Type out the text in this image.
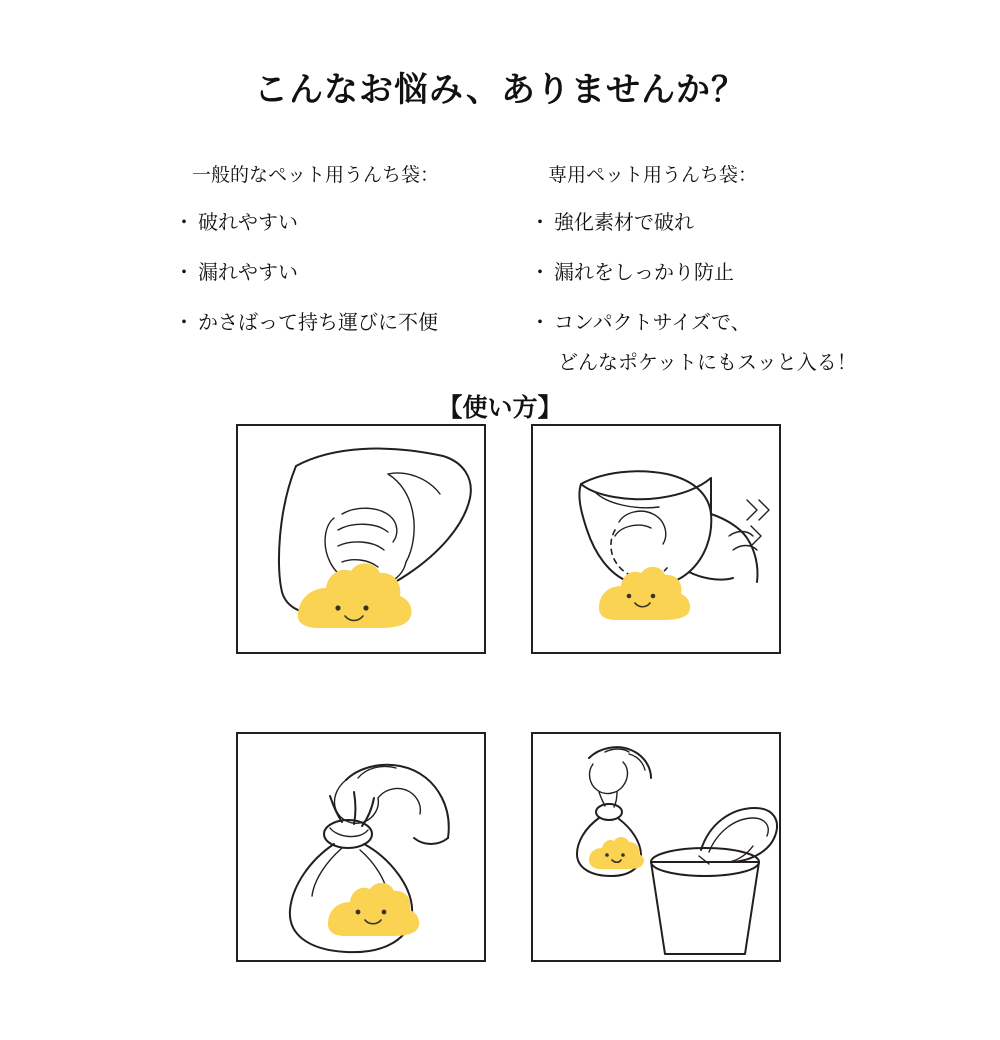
こんなお悩み、ありませんか？
一般的なペット用うんち袋：
・ 破れやすい
・ 漏れやすい
・ かさばって持ち運びに不便
専用ペット用うんち袋：
・ 強化素材で破れ
・ 漏れをしっかり防止
・ コンパクトサイズで、
どんなポケットにもスッと入る！
【使い方】
